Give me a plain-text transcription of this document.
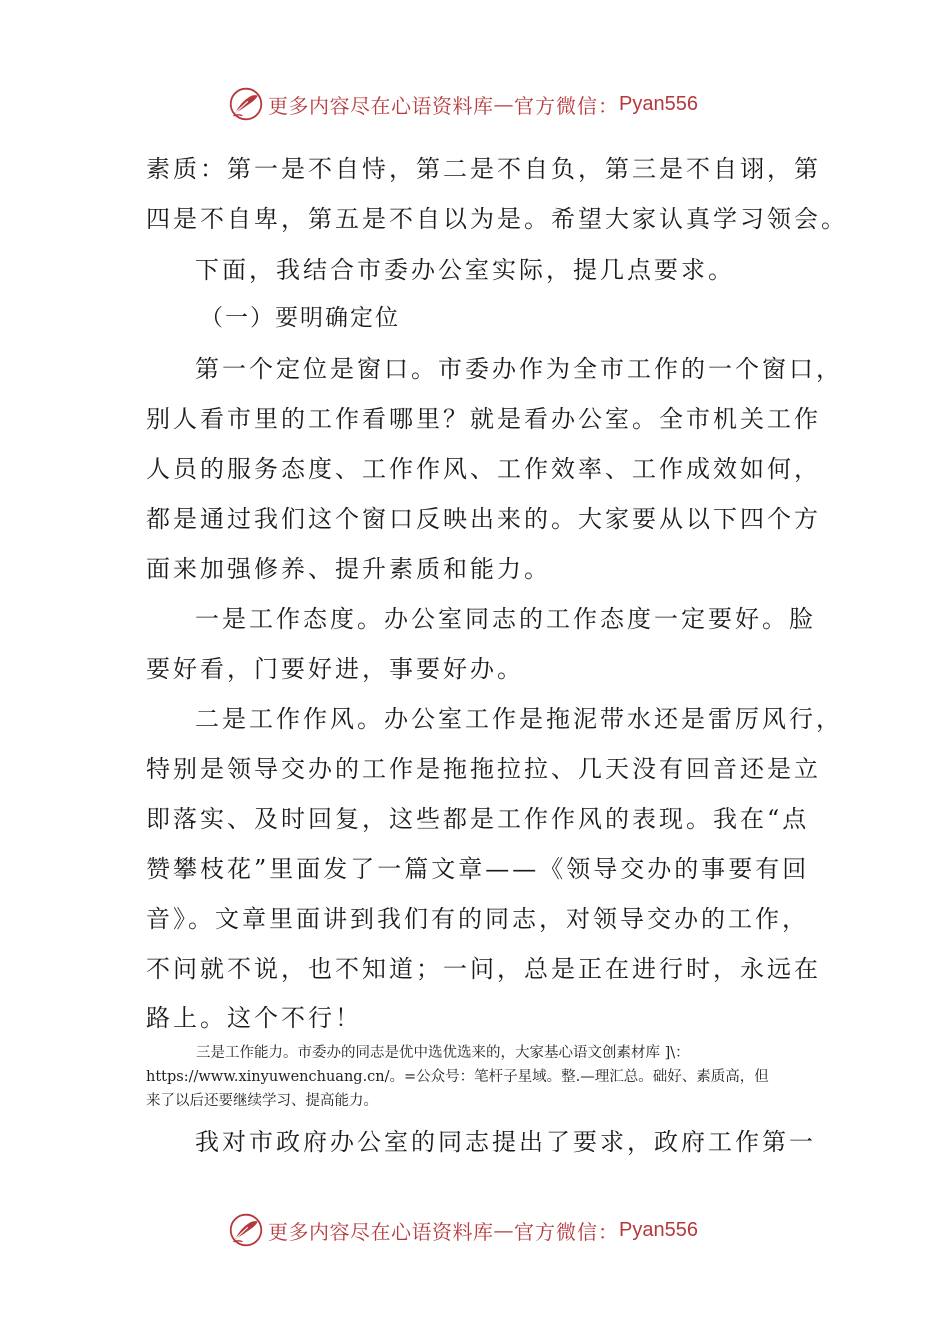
更多内容尽在心语资料库 — 官方微信： Pyan556
素质：第一是不自恃，第二是不自负，第三是不自诩，第
四是不自卑，第五是不自以为是。希望大家认真学习领会。
下面，我结合市委办公室实际，提几点要求。
（一）要明确定位
第一个定位是窗口。市委办作为全市工作的一个窗口，
别人看市里的工作看哪里？就是看办公室。全市机关工作
人员的服务态度、工作作风、工作效率、工作成效如何，
都是通过我们这个窗口反映出来的。大家要从以下四个方
面来加强修养、提升素质和能力。
一是工作态度。办公室同志的工作态度一定要好。脸
要好看，门要好进，事要好办。
二是工作作风。办公室工作是拖泥带水还是雷厉风行，
特别是领导交办的工作是拖拖拉拉、几天没有回音还是立
即落实、及时回复，这些都是工作作风的表现。我在“点
赞攀枝花”里面发了一篇文章——《领导交办的事要有回
音》。文章里面讲到我们有的同志，对领导交办的工作，
不问就不说，也不知道；一问，总是正在进行时，永远在
路上。这个不行！
三是工作能力。市委办的同志是优中选优选来的，大家基心语文创素材库 ]\：
https://www.xinyuwenchuang.cn/。=公众号：笔杆子星域。整.—理汇总。础好、素质高，但
来了以后还要继续学习、提高能力。
我对市政府办公室的同志提出了要求，政府工作第一
更多内容尽在心语资料库 — 官方微信： Pyan556
